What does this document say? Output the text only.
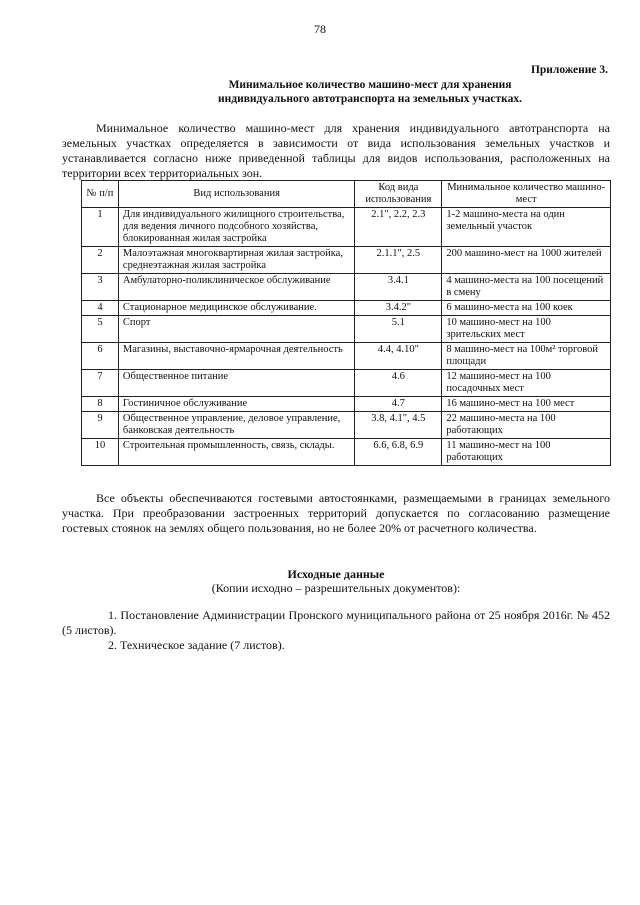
78
Приложение 3.
Минимальное количество машино-мест для хранения
индивидуального автотранспорта на земельных участках.

Минимальное количество машино-мест для хранения индивидуального автотранспорта на земельных участках определяется в зависимости от вида использования земельных участков и устанавливается согласно ниже приведенной таблицы для видов использования, расположенных на территории всех территориальных зон.

№ п/п	Вид использования	Код вида использования	Минимальное количество машино-мест
1	Для индивидуального жилищного строительства, для ведения личного подсобного хозяйства, блокированная жилая застройка	2.1", 2.2, 2.3	1-2 машино-места на один земельный участок
2	Малоэтажная многоквартирная жилая застройка, среднеэтажная жилая застройка	2.1.1", 2.5	200 машино-мест на 1000 жителей
3	Амбулаторно-поликлиническое обслуживание	3.4.1	4 машино-места на 100 посещений в смену
4	Стационарное медицинское обслуживание.	3.4.2"	6 машино-места на 100 коек
5	Спорт	5.1	10 машино-мест на 100 зрительских мест
6	Магазины, выставочно-ярмарочная деятельность	4.4, 4.10"	8 машино-мест на 100м² торговой площади
7	Общественное питание	4.6	12 машино-мест на 100 посадочных мест
8	Гостиничное обслуживание	4.7	16 машино-мест на 100 мест
9	Общественное управление, деловое управление, банковская деятельность	3.8, 4.1", 4.5	22 машино-места на 100 работающих
10	Строительная промышленность, связь, склады.	6.6, 6.8, 6.9	11 машино-мест на 100 работающих

Все объекты обеспечиваются гостевыми автостоянками, размещаемыми в границах земельного участка. При преобразовании застроенных территорий допускается по согласованию размещение гостевых стоянок на землях общего пользования, но не более 20% от расчетного количества.

Исходные данные
(Копии исходно – разрешительных документов):
1. Постановление Администрации Пронского муниципального района от 25 ноября 2016г. № 452 (5 листов).
2. Техническое задание (7 листов).
